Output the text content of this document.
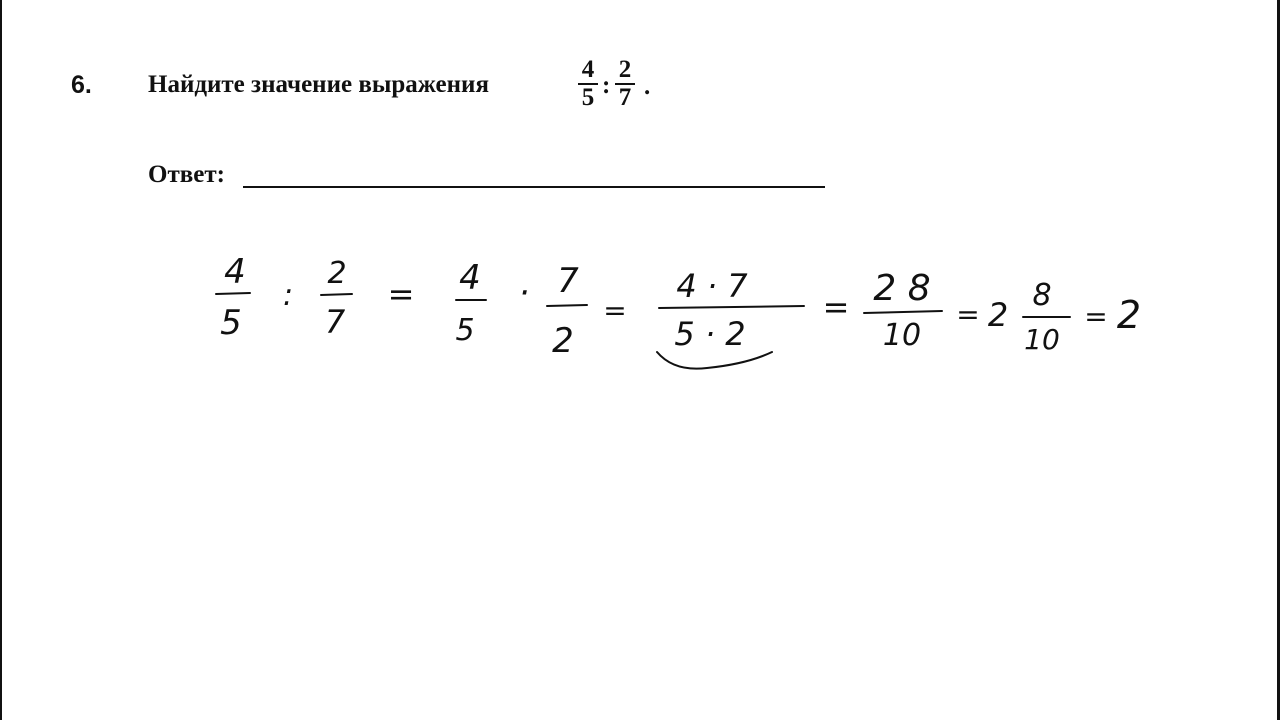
6. Найдите значение выражения
4
5 :
2
7 .
Ответ:
4
5
:
2
7
= 4
5
· 7
2
=
4 · 7
5 · 2
= 2 8
10
= 2
8
10
= 2
